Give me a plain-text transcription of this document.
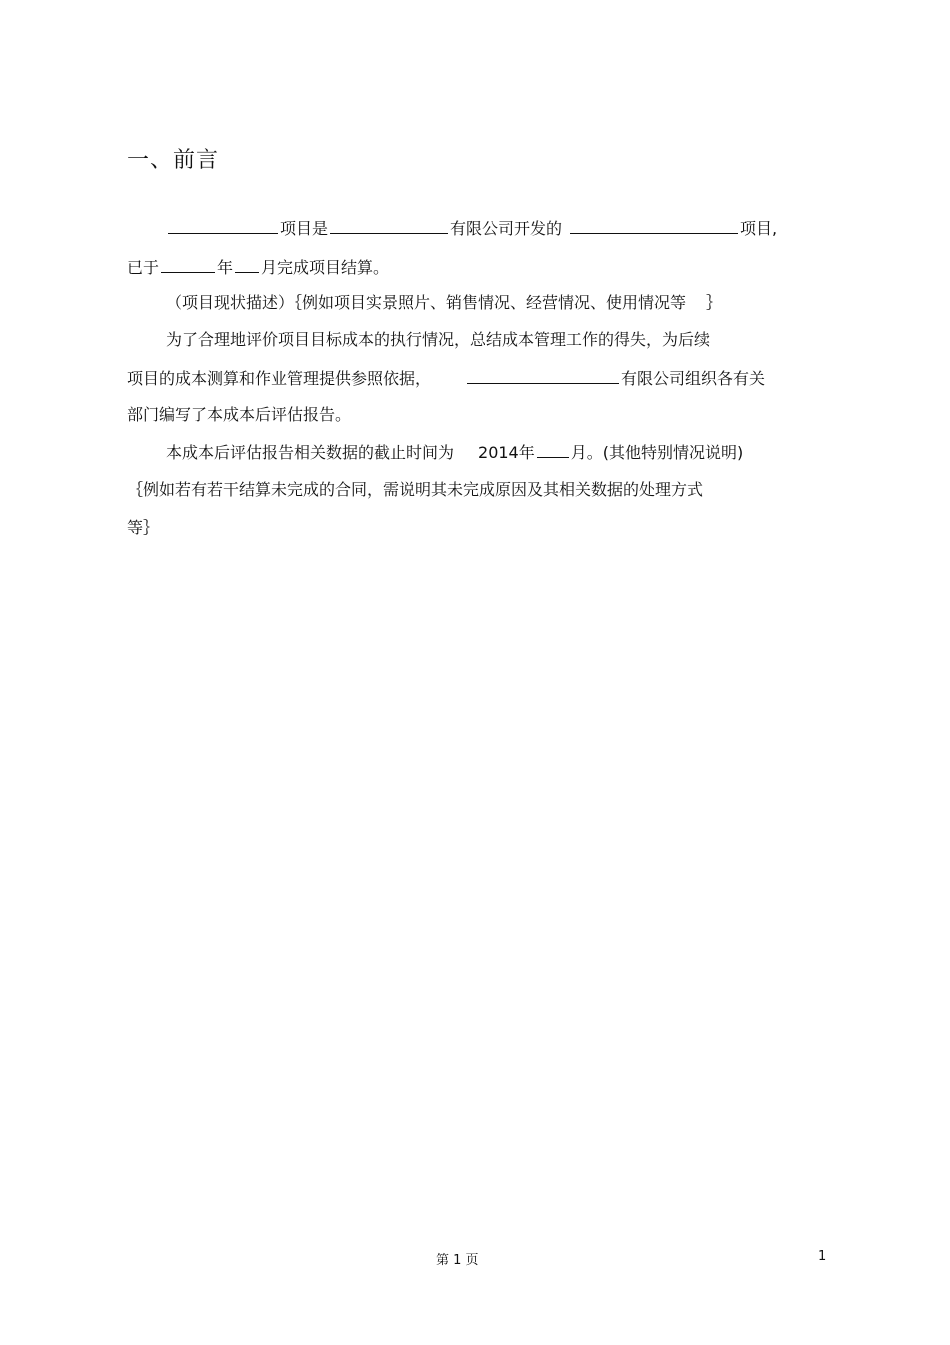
一、前言
项目是	有限公司开发的	项目,
已于	年 月完成项目结算。
（项目现状描述）｛例如项目实景照片、销售情况、经营情况、使用情况等 ｝
为了合理地评价项目目标成本的执行情况，总结成本管理工作的得失，为后续
项目的成本测算和作业管理提供参照依据，	有限公司组织各有关
部门编写了本成本后评估报告。
本成本后评估报告相关数据的截止时间为 2014年 月。(其他特别情况说明)
｛例如若有若干结算未完成的合同，需说明其未完成原因及其相关数据的处理方式
等｝
第 1 页	1
